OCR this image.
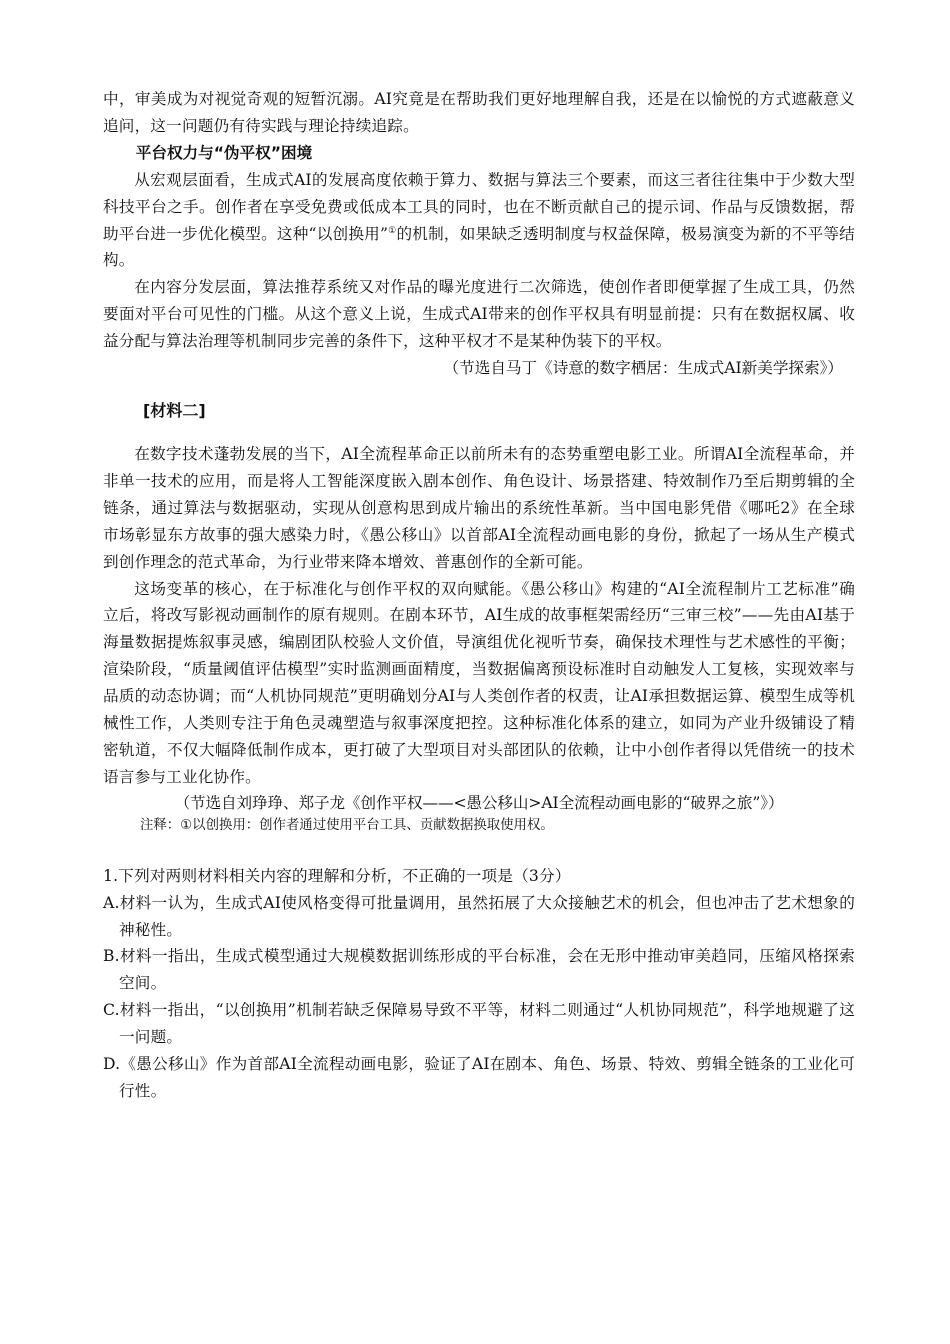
中，审美成为对视觉奇观的短暂沉溺。AI究竟是在帮助我们更好地理解自我，还是在以愉悦的方式遮蔽意义追问，这一问题仍有待实践与理论持续追踪。

平台权力与“伪平权”困境

从宏观层面看，生成式AI的发展高度依赖于算力、数据与算法三个要素，而这三者往往集中于少数大型科技平台之手。创作者在享受免费或低成本工具的同时，也在不断贡献自己的提示词、作品与反馈数据，帮助平台进一步优化模型。这种“以创换用”①的机制，如果缺乏透明制度与权益保障，极易演变为新的不平等结构。

在内容分发层面，算法推荐系统又对作品的曝光度进行二次筛选，使创作者即便掌握了生成工具，仍然要面对平台可见性的门槛。从这个意义上说，生成式AI带来的创作平权具有明显前提：只有在数据权属、收益分配与算法治理等机制同步完善的条件下，这种平权才不是某种伪装下的平权。

（节选自马丁《诗意的数字栖居：生成式AI新美学探索》）

[材料二]

在数字技术蓬勃发展的当下，AI全流程革命正以前所未有的态势重塑电影工业。所谓AI全流程革命，并非单一技术的应用，而是将人工智能深度嵌入剧本创作、角色设计、场景搭建、特效制作乃至后期剪辑的全链条，通过算法与数据驱动，实现从创意构思到成片输出的系统性革新。当中国电影凭借《哪吒2》在全球市场彰显东方故事的强大感染力时，《愚公移山》以首部AI全流程动画电影的身份，掀起了一场从生产模式到创作理念的范式革命，为行业带来降本增效、普惠创作的全新可能。

这场变革的核心，在于标准化与创作平权的双向赋能。《愚公移山》构建的“AI全流程制片工艺标准”确立后，将改写影视动画制作的原有规则。在剧本环节，AI生成的故事框架需经历“三审三校”——先由AI基于海量数据提炼叙事灵感，编剧团队校验人文价值，导演组优化视听节奏，确保技术理性与艺术感性的平衡；渲染阶段，“质量阈值评估模型”实时监测画面精度，当数据偏离预设标准时自动触发人工复核，实现效率与品质的动态协调；而“人机协同规范”更明确划分AI与人类创作者的权责，让AI承担数据运算、模型生成等机械性工作，人类则专注于角色灵魂塑造与叙事深度把控。这种标准化体系的建立，如同为产业升级铺设了精密轨道，不仅大幅降低制作成本，更打破了大型项目对头部团队的依赖，让中小创作者得以凭借统一的技术语言参与工业化协作。

（节选自刘琤琤、郑子龙《创作平权——<愚公移山>AI全流程动画电影的“破界之旅”》）

注释：①以创换用：创作者通过使用平台工具、贡献数据换取使用权。

1.下列对两则材料相关内容的理解和分析，不正确的一项是（3分）

A.材料一认为，生成式AI使风格变得可批量调用，虽然拓展了大众接触艺术的机会，但也冲击了艺术想象的神秘性。

B.材料一指出，生成式模型通过大规模数据训练形成的平台标准，会在无形中推动审美趋同，压缩风格探索空间。

C.材料一指出，“以创换用”机制若缺乏保障易导致不平等，材料二则通过“人机协同规范”，科学地规避了这一问题。

D.《愚公移山》作为首部AI全流程动画电影，验证了AI在剧本、角色、场景、特效、剪辑全链条的工业化可行性。
